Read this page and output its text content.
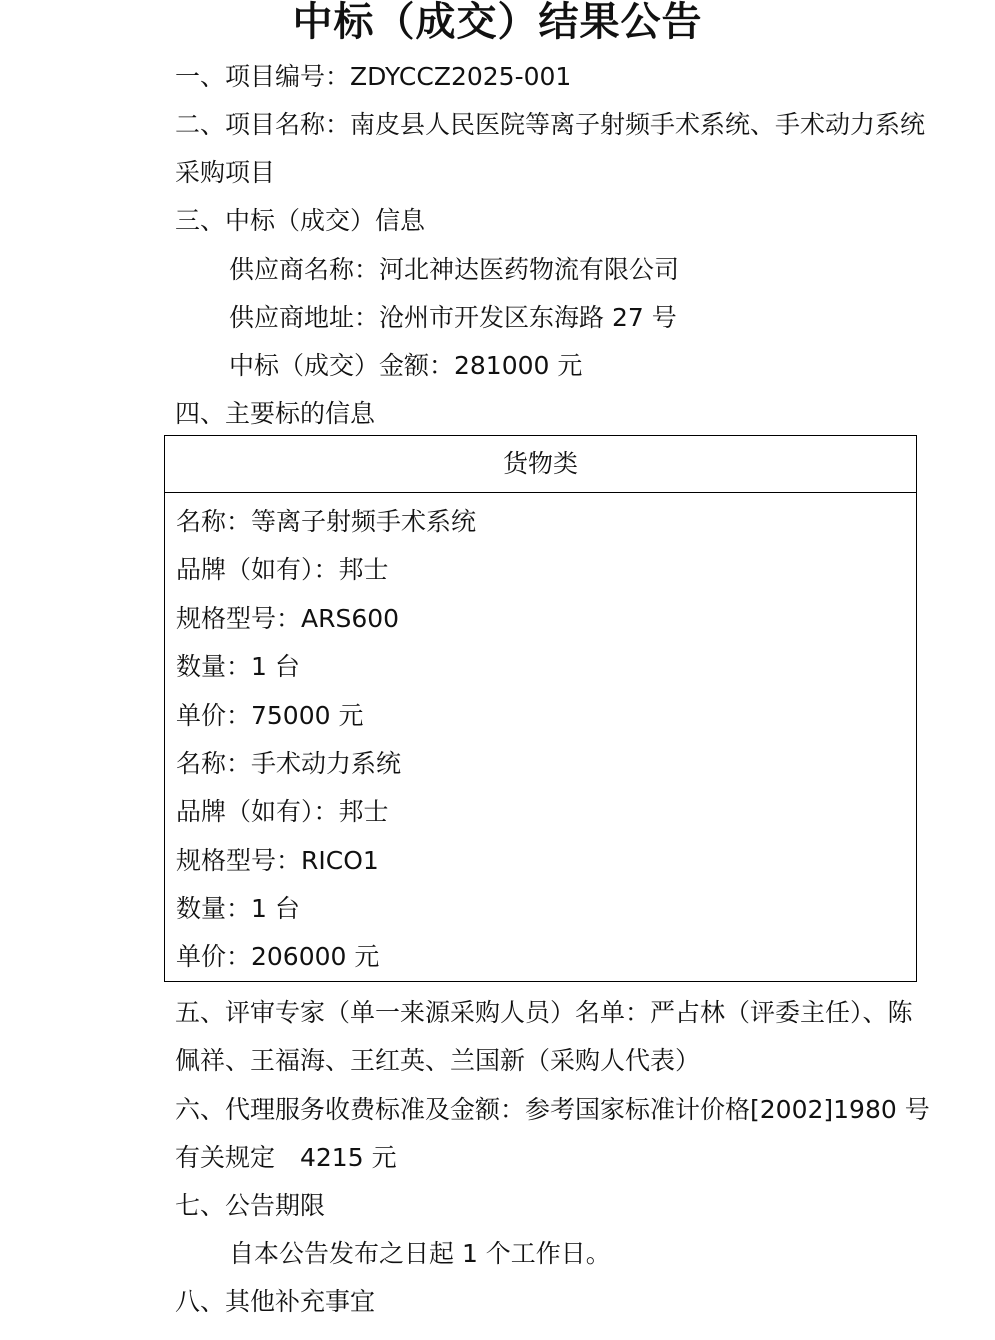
中标（成交）结果公告
一、项目编号：ZDYCCZ2025-001
二、项目名称：南皮县人民医院等离子射频手术系统、手术动力系统
采购项目
三、中标（成交）信息
供应商名称：河北神达医药物流有限公司
供应商地址：沧州市开发区东海路 27 号
中标（成交）金额：281000 元
四、主要标的信息
货物类
名称：等离子射频手术系统
品牌（如有）：邦士
规格型号：ARS600
数量：1 台
单价：75000 元
名称：手术动力系统
品牌（如有）：邦士
规格型号：RICO1
数量：1 台
单价：206000 元
五、评审专家（单一来源采购人员）名单：严占林（评委主任）、陈
佩祥、王福海、王红英、兰国新（采购人代表）
六、代理服务收费标准及金额：参考国家标准计价格[2002]1980 号
有关规定　4215 元
七、公告期限
自本公告发布之日起 1 个工作日。
八、其他补充事宜
